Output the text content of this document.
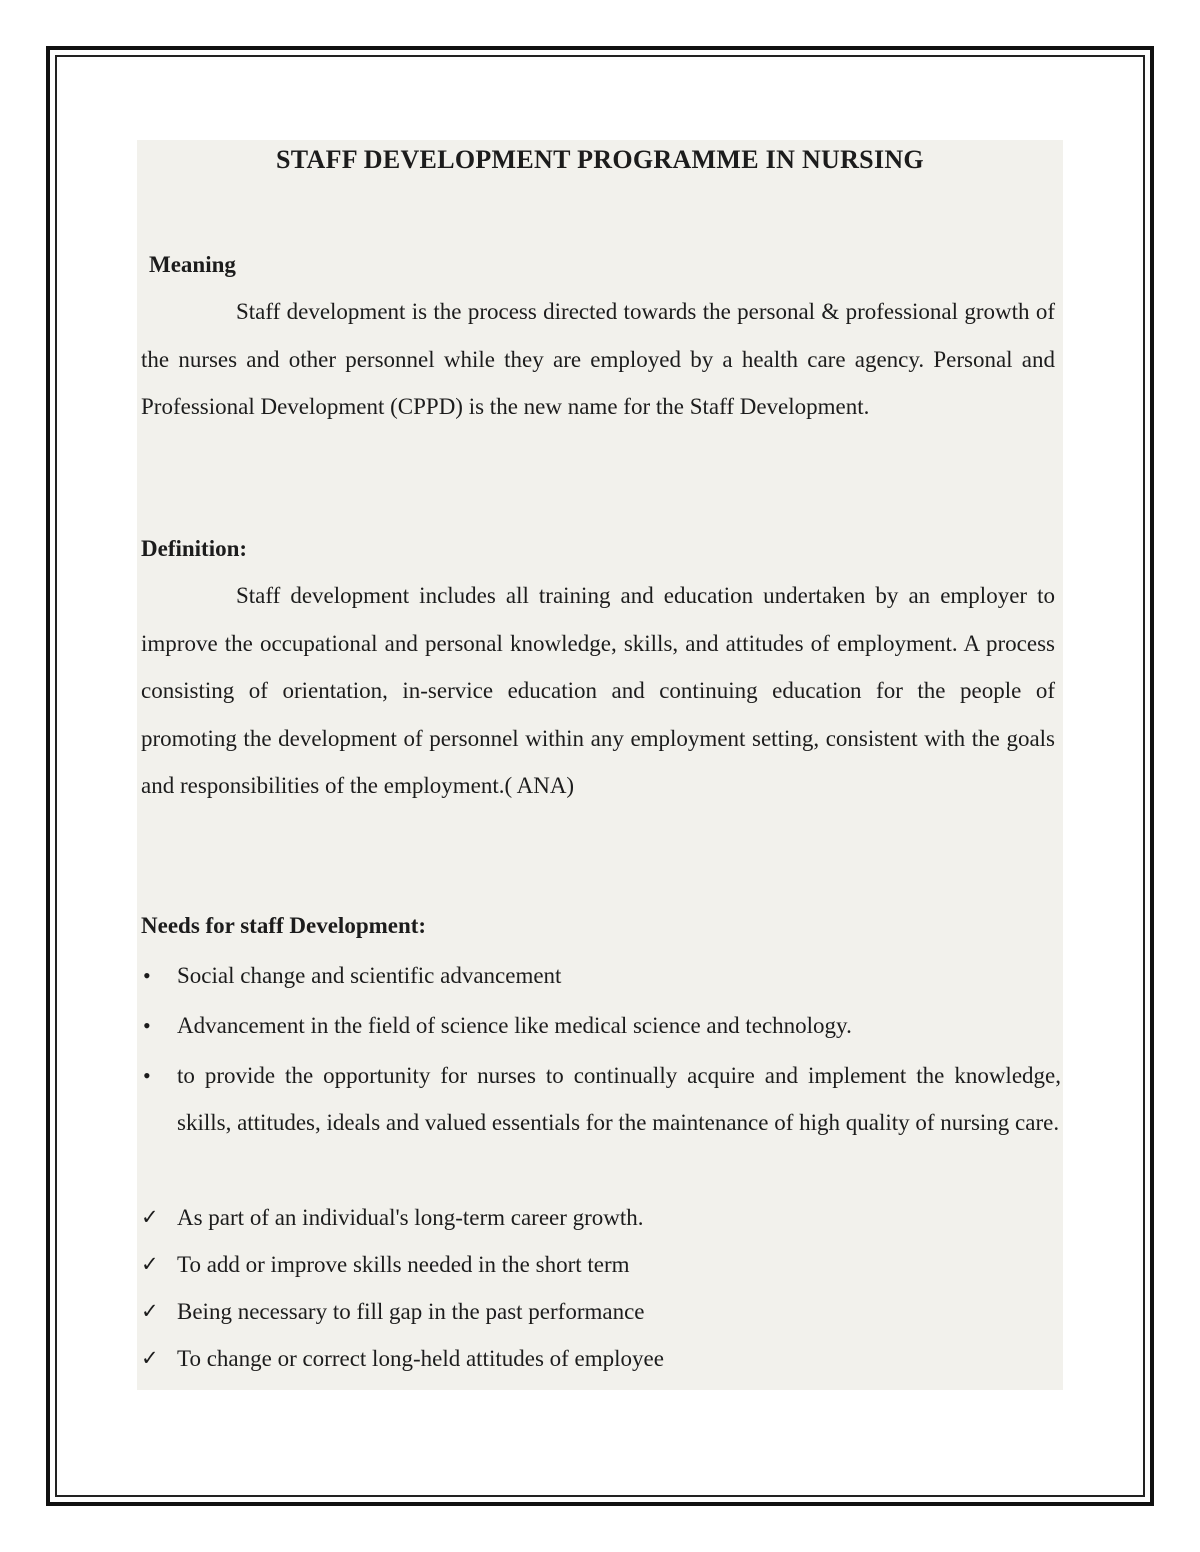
STAFF DEVELOPMENT PROGRAMME IN NURSING
Meaning

Staff development is the process directed towards the personal & professional growth of the nurses and other personnel while they are employed by a health care agency. Personal and Professional Development (CPPD) is the new name for the Staff Development.

Definition:

Staff development includes all training and education undertaken by an employer to improve the occupational and personal knowledge, skills, and attitudes of employment. A process consisting of orientation, in-service education and continuing education for the people of promoting the development of personnel within any employment setting, consistent with the goals and responsibilities of the employment.( ANA)

Needs for staff Development:
•	Social change and scientific advancement
•	Advancement in the field of science like medical science and technology.
•	to provide the opportunity for nurses to continually acquire and implement the knowledge, skills, attitudes, ideals and valued essentials for the maintenance of high quality of nursing care.
✓ As part of an individual's long-term career growth.
✓ To add or improve skills needed in the short term
✓ Being necessary to fill gap in the past performance
✓ To change or correct long-held attitudes of employee
